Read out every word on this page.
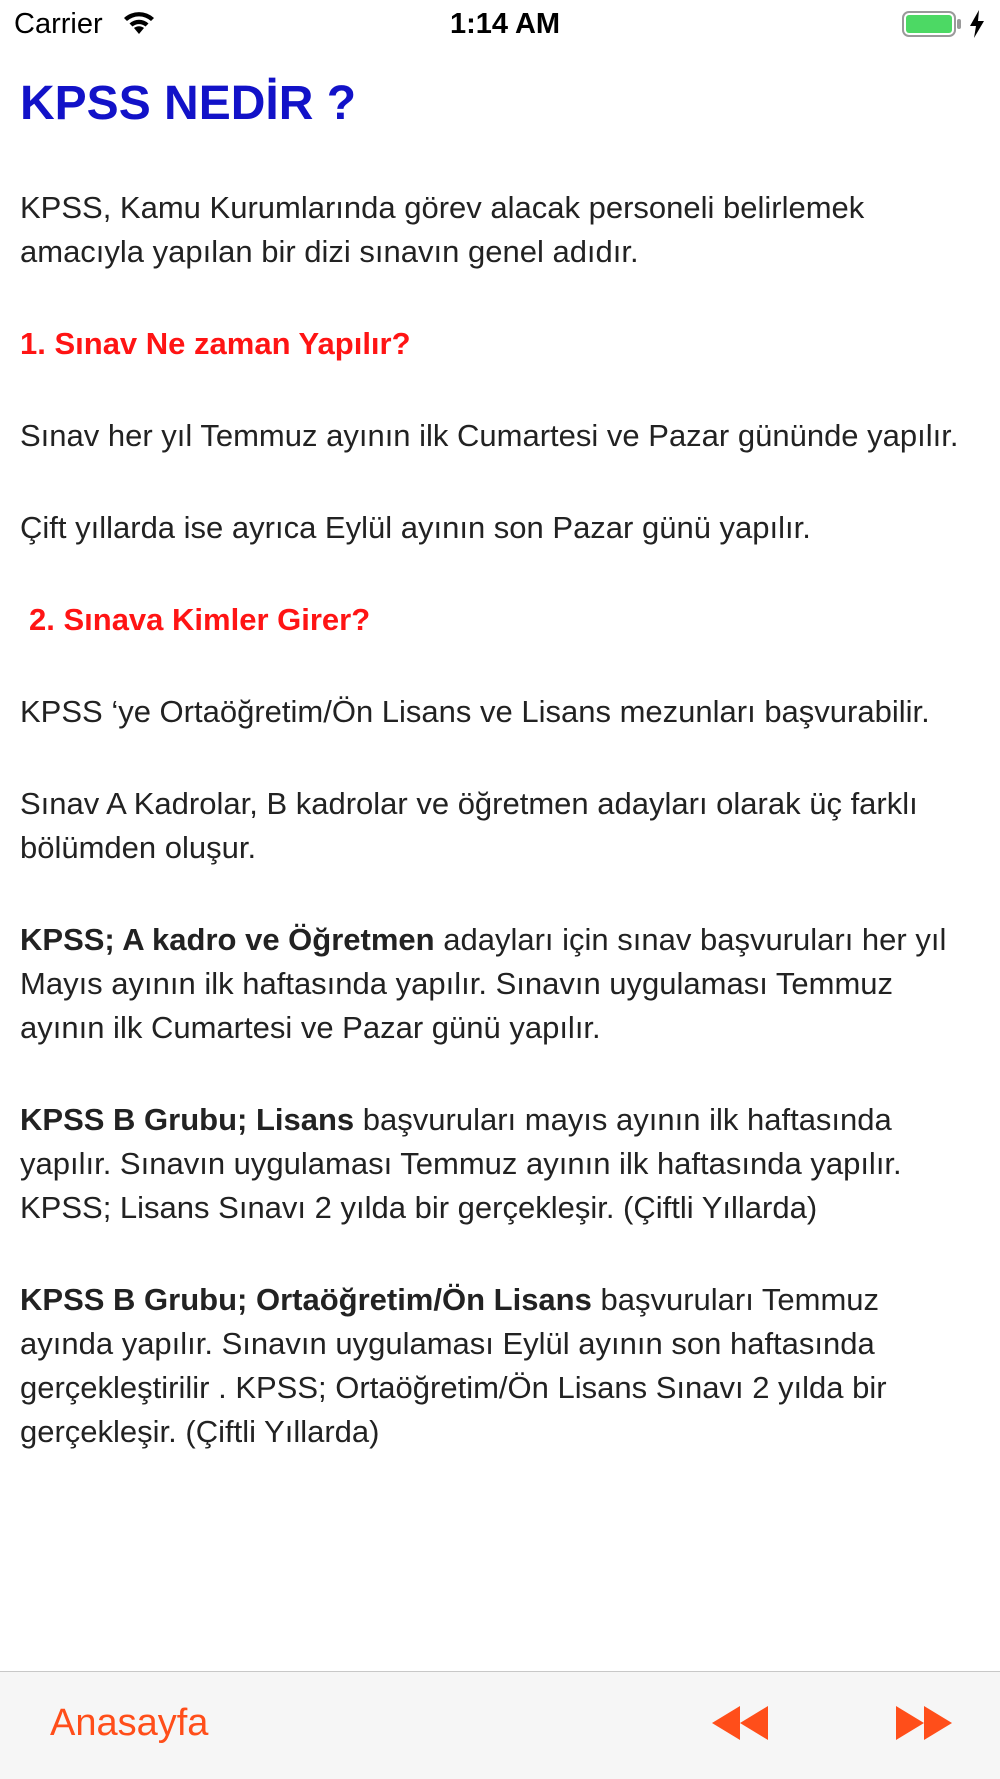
Carrier	1:14 AM
KPSS NEDİR ?

KPSS, Kamu Kurumlarında görev alacak personeli belirlemek amacıyla yapılan bir dizi sınavın genel adıdır.

1. Sınav Ne zaman Yapılır?

Sınav her yıl Temmuz ayının ilk Cumartesi ve Pazar gününde yapılır.

Çift yıllarda ise ayrıca Eylül ayının son Pazar günü yapılır.

2. Sınava Kimler Girer?

KPSS ‘ye Ortaöğretim/Ön Lisans ve Lisans mezunları başvurabilir.

Sınav A Kadrolar, B kadrolar ve öğretmen adayları olarak üç farklı bölümden oluşur.

KPSS; A kadro ve Öğretmen adayları için sınav başvuruları her yıl Mayıs ayının ilk haftasında yapılır. Sınavın uygulaması Temmuz ayının ilk Cumartesi ve Pazar günü yapılır.

KPSS B Grubu; Lisans başvuruları mayıs ayının ilk haftasında yapılır. Sınavın uygulaması Temmuz ayının ilk haftasında yapılır. KPSS; Lisans Sınavı 2 yılda bir gerçekleşir. (Çiftli Yıllarda)

KPSS B Grubu; Ortaöğretim/Ön Lisans başvuruları Temmuz ayında yapılır. Sınavın uygulaması Eylül ayının son haftasında gerçekleştirilir . KPSS; Ortaöğretim/Ön Lisans Sınavı 2 yılda bir gerçekleşir. (Çiftli Yıllarda)

Anasayfa
